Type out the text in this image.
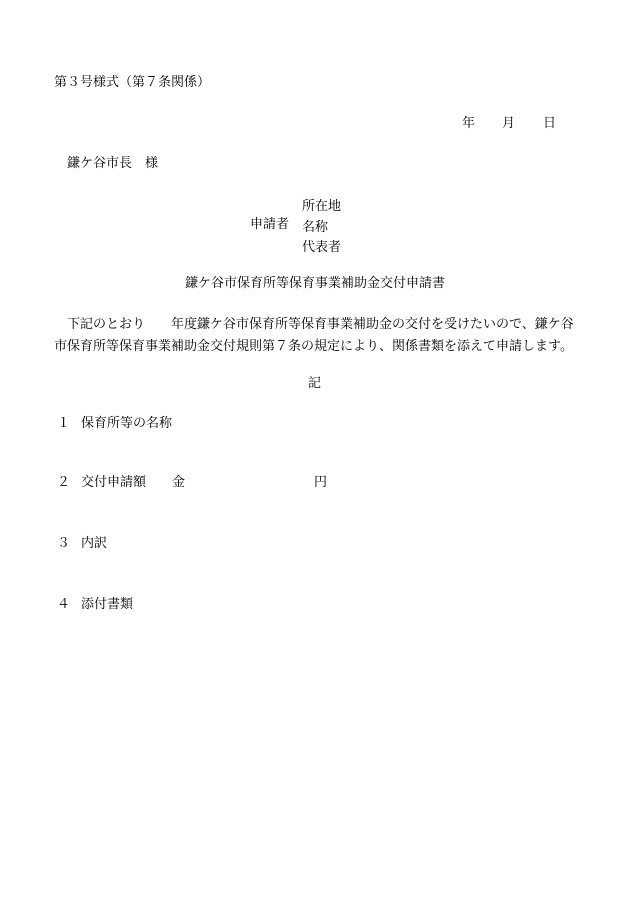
第３号様式（第７条関係）
年 月 日
鎌ケ谷市長　様
申請者
所在地
名称
代表者
鎌ケ谷市保育所等保育事業補助金交付申請書
　下記のとおり　　年度鎌ケ谷市保育所等保育事業補助金の交付を受けたいので、鎌ケ谷市保育所等保育事業補助金交付規則第７条の規定により、関係書類を添えて申請します。
記
１ 保育所等の名称
２ 交付申請額 金	円
３ 内訳
４ 添付書類
